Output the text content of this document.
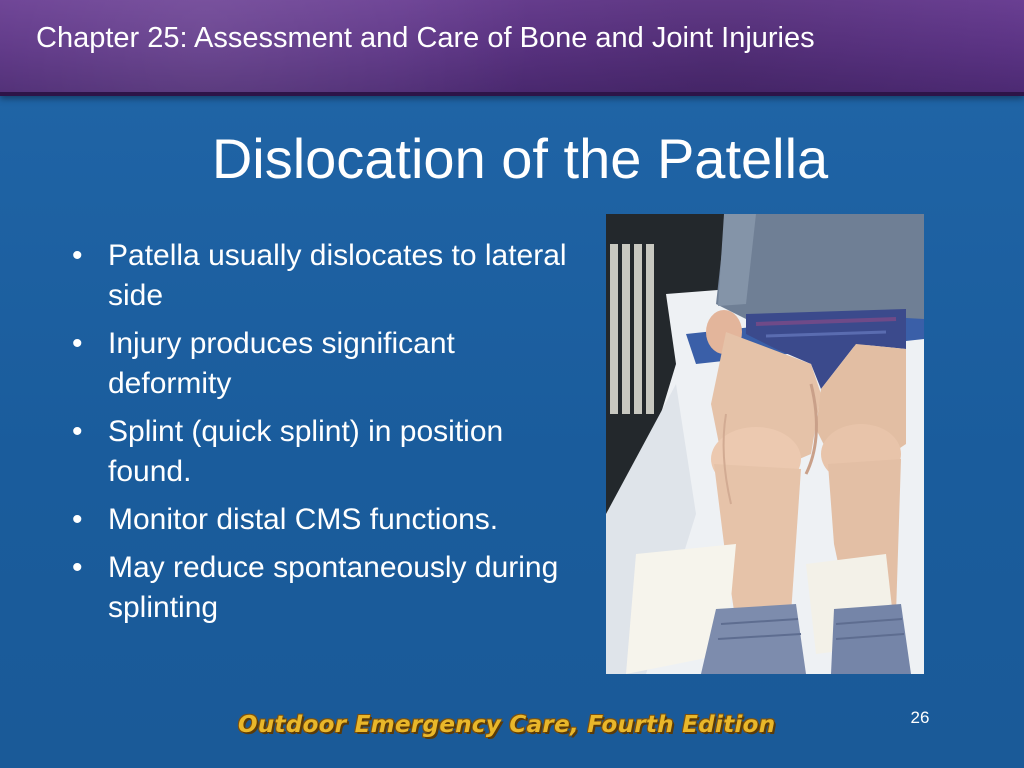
Chapter 25: Assessment and Care of Bone and Joint Injuries
Dislocation of the Patella
• Patella usually dislocates to lateral side
• Injury produces significant deformity
• Splint (quick splint) in position found.
• Monitor distal CMS functions.
• May reduce spontaneously during splinting
26
Outdoor Emergency Care, Fourth Edition
